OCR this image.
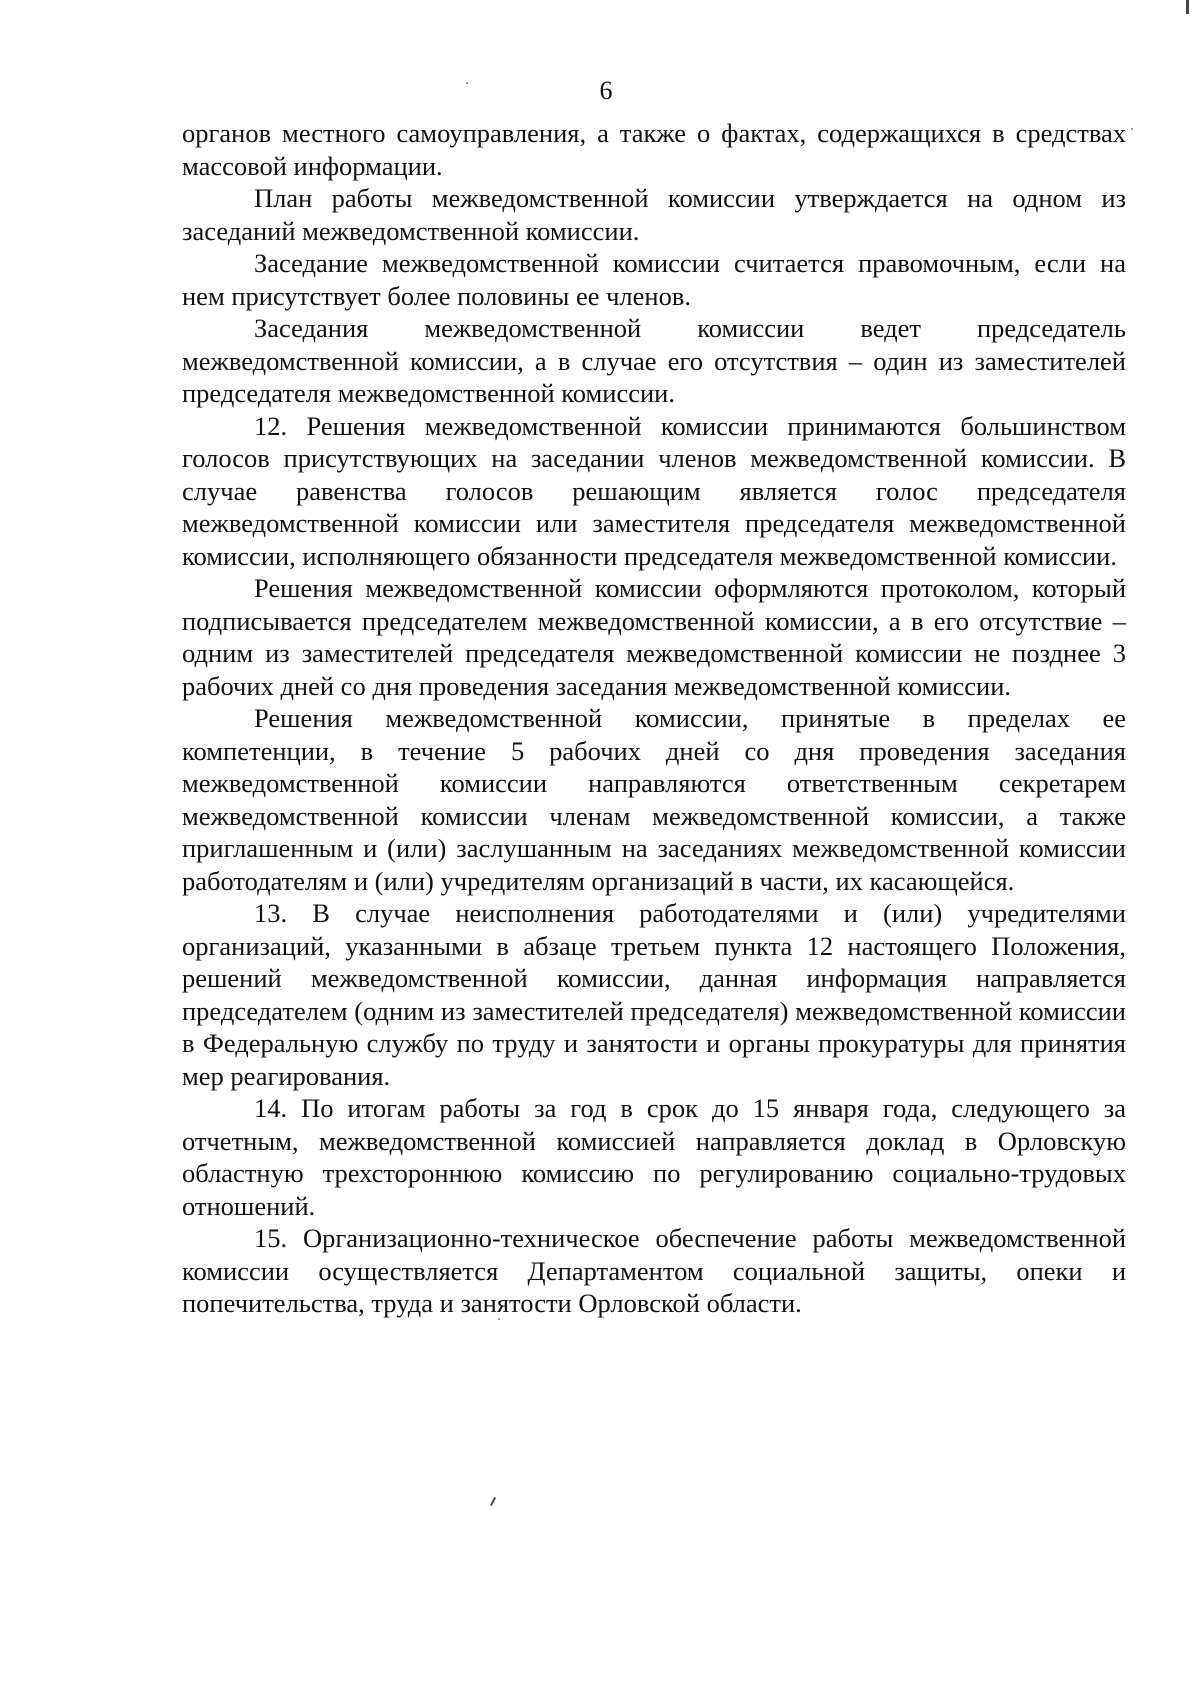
6

органов местного самоуправления, а также о фактах, содержащихся в средствах массовой информации.

План работы межведомственной комиссии утверждается на одном из заседаний межведомственной комиссии.

Заседание межведомственной комиссии считается правомочным, если на нем присутствует более половины ее членов.

Заседания межведомственной комиссии ведет председатель межведомственной комиссии, а в случае его отсутствия – один из заместителей председателя межведомственной комиссии.

12. Решения межведомственной комиссии принимаются большинством голосов присутствующих на заседании членов межведомственной комиссии. В случае равенства голосов решающим является голос председателя межведомственной комиссии или заместителя председателя межведомственной комиссии, исполняющего обязанности председателя межведомственной комиссии.

Решения межведомственной комиссии оформляются протоколом, который подписывается председателем межведомственной комиссии, а в его отсутствие – одним из заместителей председателя межведомственной комиссии не позднее 3 рабочих дней со дня проведения заседания межведомственной комиссии.

Решения межведомственной комиссии, принятые в пределах ее компетенции, в течение 5 рабочих дней со дня проведения заседания межведомственной комиссии направляются ответственным секретарем межведомственной комиссии членам межведомственной комиссии, а также приглашенным и (или) заслушанным на заседаниях межведомственной комиссии работодателям и (или) учредителям организаций в части, их касающейся.

13. В случае неисполнения работодателями и (или) учредителями организаций, указанными в абзаце третьем пункта 12 настоящего Положения, решений межведомственной комиссии, данная информация направляется председателем (одним из заместителей председателя) межведомственной комиссии в Федеральную службу по труду и занятости и органы прокуратуры для принятия мер реагирования.

14. По итогам работы за год в срок до 15 января года, следующего за отчетным, межведомственной комиссией направляется доклад в Орловскую областную трехстороннюю комиссию по регулированию социально-трудовых отношений.

15. Организационно-техническое обеспечение работы межведомственной комиссии осуществляется Департаментом социальной защиты, опеки и попечительства, труда и занятости Орловской области.
